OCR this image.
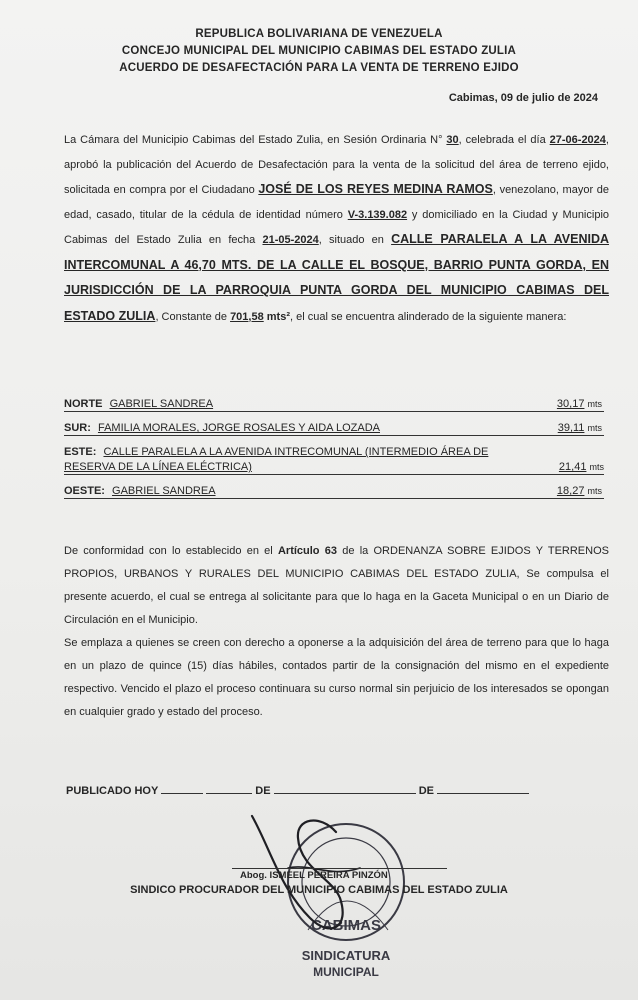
REPUBLICA BOLIVARIANA DE VENEZUELA
CONCEJO MUNICIPAL DEL MUNICIPIO CABIMAS DEL ESTADO ZULIA
ACUERDO DE DESAFECTACIÓN PARA LA VENTA DE TERRENO EJIDO
Cabimas, 09 de julio de 2024
La Cámara del Municipio Cabimas del Estado Zulia, en Sesión Ordinaria N° 30, celebrada el día 27-06-2024, aprobó la publicación del Acuerdo de Desafectación para la venta de la solicitud del área de terreno ejido, solicitada en compra por el Ciudadano JOSÉ DE LOS REYES MEDINA RAMOS, venezolano, mayor de edad, casado, titular de la cédula de identidad número V-3.139.082 y domiciliado en la Ciudad y Municipio Cabimas del Estado Zulia en fecha 21-05-2024, situado en CALLE PARALELA A LA AVENIDA INTERCOMUNAL A 46,70 MTS. DE LA CALLE EL BOSQUE, BARRIO PUNTA GORDA, EN JURISDICCIÓN DE LA PARROQUIA PUNTA GORDA DEL MUNICIPIO CABIMAS DEL ESTADO ZULIA, Constante de 701,58 mts², el cual se encuentra alinderado de la siguiente manera:
NORTE GABRIEL SANDREA	30,17 mts
SUR: FAMILIA MORALES, JORGE ROSALES Y AIDA LOZADA	39,11 mts
ESTE: CALLE PARALELA A LA AVENIDA INTRECOMUNAL (INTERMEDIO ÁREA DE
RESERVA DE LA LÍNEA ELÉCTRICA)	21,41 mts
OESTE: GABRIEL SANDREA	18,27 mts
De conformidad con lo establecido en el Artículo 63 de la ORDENANZA SOBRE EJIDOS Y TERRENOS PROPIOS, URBANOS Y RURALES DEL MUNICIPIO CABIMAS DEL ESTADO ZULIA, Se compulsa el presente acuerdo, el cual se entrega al solicitante para que lo haga en la Gaceta Municipal o en un Diario de Circulación en el Municipio.
Se emplaza a quienes se creen con derecho a oponerse a la adquisición del área de terreno para que lo haga en un plazo de quince (15) días hábiles, contados partir de la consignación del mismo en el expediente respectivo. Vencido el plazo el proceso continuara su curso normal sin perjuicio de los interesados se opongan en cualquier grado y estado del proceso.
PUBLICADO HOY	DE	DE
CABIMAS
SINDICATURA
MUNICIPAL
Abog. ISMEEL PEREIRA PINZÓN
SINDICO PROCURADOR DEL MUNICIPIO CABIMAS DEL ESTADO ZULIA
